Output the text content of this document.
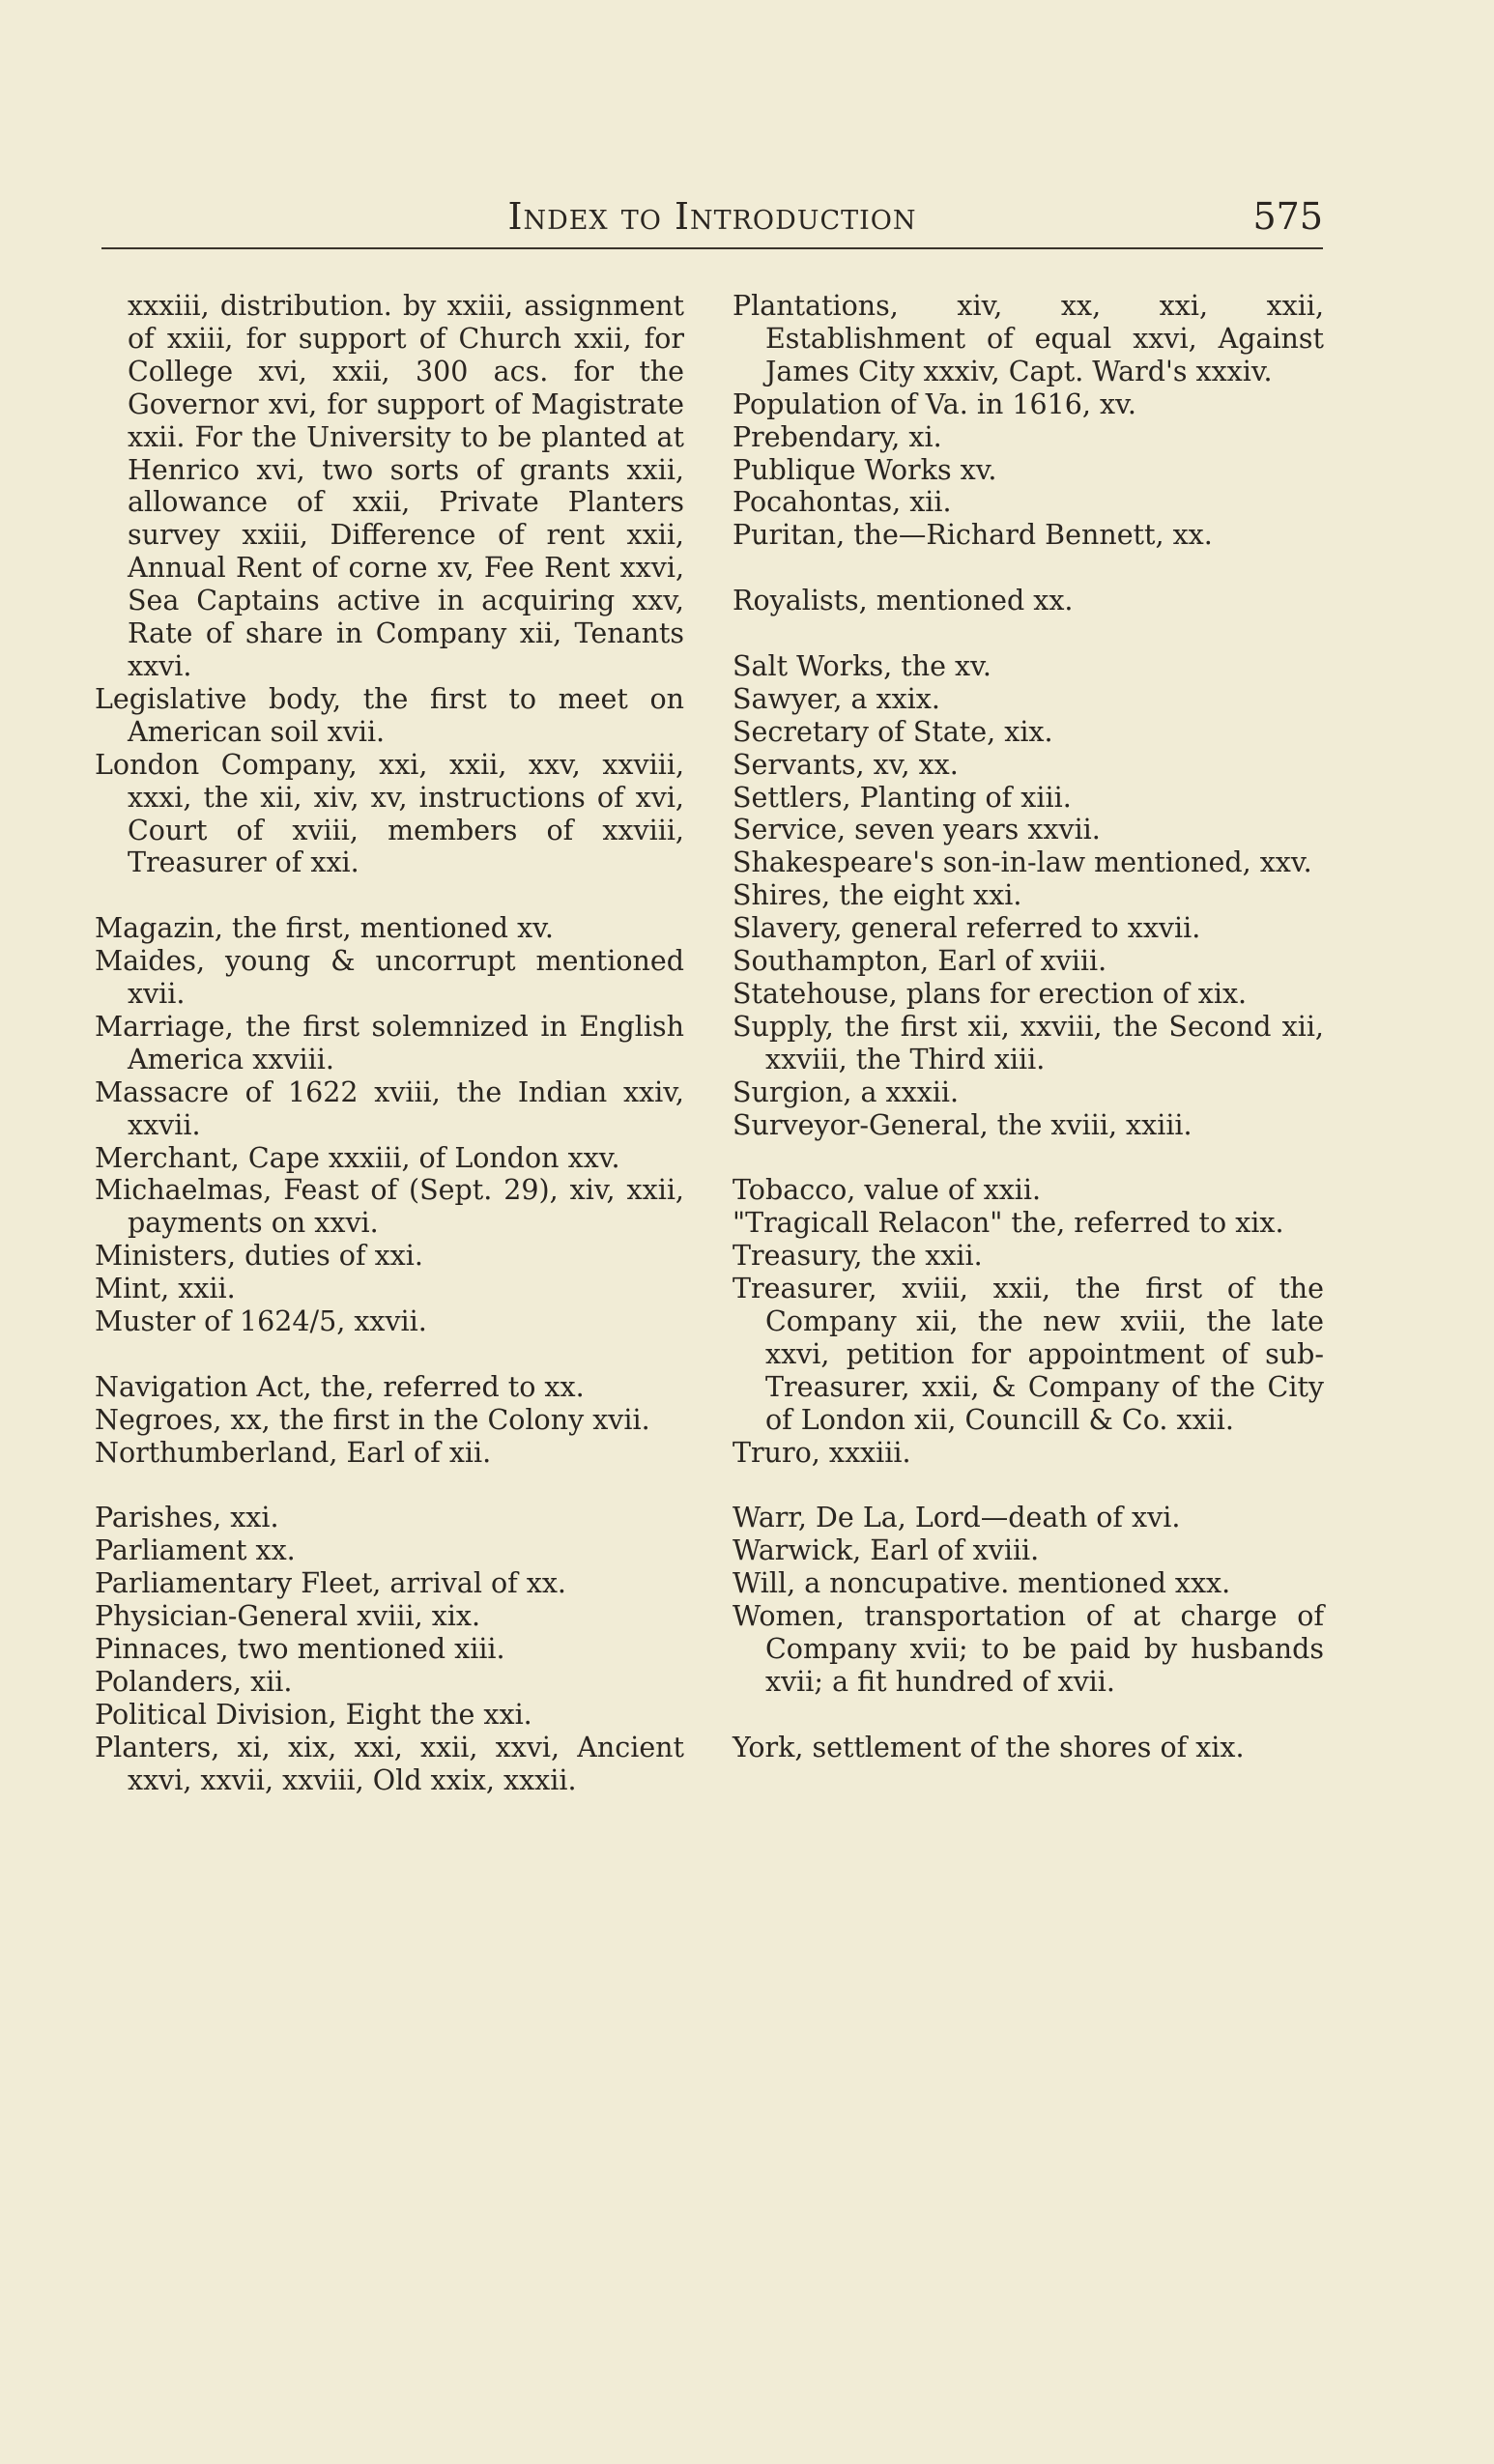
Index to Introduction	575
xxxiii, distribution. by xxiii, assignment of xxiii, for support of Church xxii, for College xvi, xxii, 300 acs. for the Governor xvi, for support of Magistrate xxii. For the University to be planted at Henrico xvi, two sorts of grants xxii, allowance of xxii, Private Planters survey xxiii, Difference of rent xxii, Annual Rent of corne xv, Fee Rent xxvi, Sea Captains active in acquiring xxv, Rate of share in Company xii, Tenants xxvi.
Legislative body, the first to meet on American soil xvii.
London Company, xxi, xxii, xxv, xxviii, xxxi, the xii, xiv, xv, instructions of xvi, Court of xviii, members of xxviii, Treasurer of xxi.
Magazin, the first, mentioned xv.
Maides, young & uncorrupt mentioned xvii.
Marriage, the first solemnized in English America xxviii.
Massacre of 1622 xviii, the Indian xxiv, xxvii.
Merchant, Cape xxxiii, of London xxv.
Michaelmas, Feast of (Sept. 29), xiv, xxii, payments on xxvi.
Ministers, duties of xxi.
Mint, xxii.
Muster of 1624/5, xxvii.
Navigation Act, the, referred to xx.
Negroes, xx, the first in the Colony xvii.
Northumberland, Earl of xii.
Parishes, xxi.
Parliament xx.
Parliamentary Fleet, arrival of xx.
Physician-General xviii, xix.
Pinnaces, two mentioned xiii.
Polanders, xii.
Political Division, Eight the xxi.
Planters, xi, xix, xxi, xxii, xxvi, Ancient xxvi, xxvii, xxviii, Old xxix, xxxii.
Plantations, xiv, xx, xxi, xxii, Establishment of equal xxvi, Against James City xxxiv, Capt. Ward's xxxiv.
Population of Va. in 1616, xv.
Prebendary, xi.
Publique Works xv.
Pocahontas, xii.
Puritan, the—Richard Bennett, xx.
Royalists, mentioned xx.
Salt Works, the xv.
Sawyer, a xxix.
Secretary of State, xix.
Servants, xv, xx.
Settlers, Planting of xiii.
Service, seven years xxvii.
Shakespeare's son-in-law mentioned, xxv.
Shires, the eight xxi.
Slavery, general referred to xxvii.
Southampton, Earl of xviii.
Statehouse, plans for erection of xix.
Supply, the first xii, xxviii, the Second xii, xxviii, the Third xiii.
Surgion, a xxxii.
Surveyor-General, the xviii, xxiii.
Tobacco, value of xxii.
"Tragicall Relacon" the, referred to xix.
Treasury, the xxii.
Treasurer, xviii, xxii, the first of the Company xii, the new xviii, the late xxvi, petition for appointment of sub-Treasurer, xxii, & Company of the City of London xii, Councill & Co. xxii.
Truro, xxxiii.
Warr, De La, Lord—death of xvi.
Warwick, Earl of xviii.
Will, a noncupative. mentioned xxx.
Women, transportation of at charge of Company xvii; to be paid by husbands xvii; a fit hundred of xvii.
York, settlement of the shores of xix.
